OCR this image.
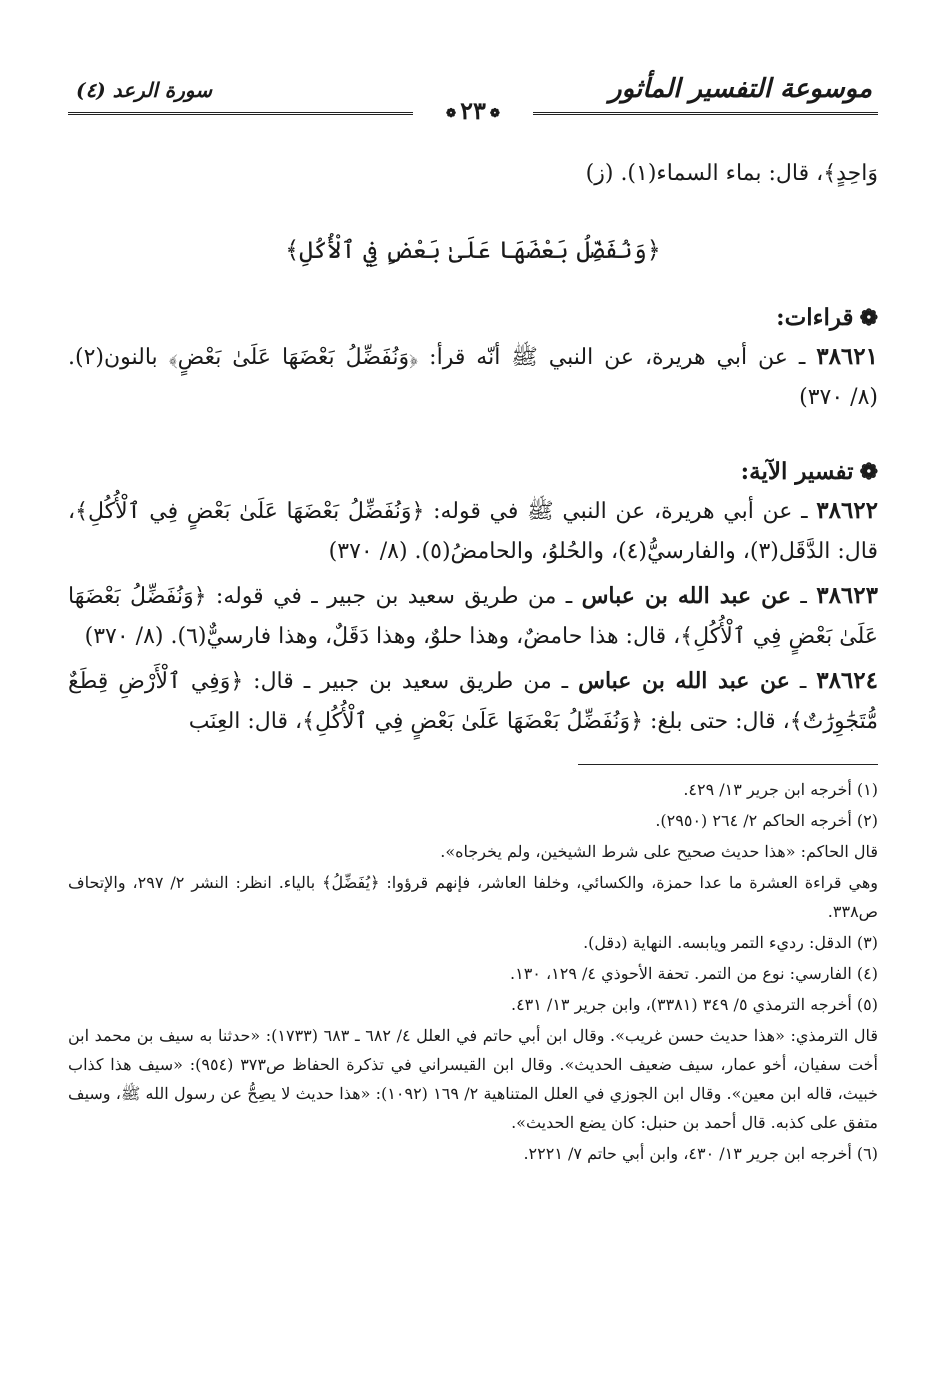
موسوعة التفسير المأثور
سورة الرعد (٤)
❁٢٣❁

وَاحِدٍ﴾، قال: بماء السماء(١). (ز)

﴿وَنُفَضِّلُ بَعْضَهَا عَلَىٰ بَعْضٍ فِي ٱلْأُكُلِ﴾
❁قراءات:

٣٨٦٢١ ـ عن أبي هريرة، عن النبي ﷺ أنّه قرأ: ﴿وَنُفَضِّلُ بَعْضَهَا عَلَىٰ بَعْضٍ﴾ بالنون(٢). (٨/ ٣٧٠)

❁تفسير الآية:

٣٨٦٢٢ ـ عن أبي هريرة، عن النبي ﷺ في قوله: ﴿وَنُفَضِّلُ بَعْضَهَا عَلَىٰ بَعْضٍ فِي ٱلْأُكُلِ﴾، قال: الدَّقَل(٣)، والفارسيُّ(٤)، والحُلوُ، والحامضُ(٥). (٨/ ٣٧٠)

٣٨٦٢٣ ـ عن عبد الله بن عباس ـ من طريق سعيد بن جبير ـ في قوله: ﴿وَنُفَضِّلُ بَعْضَهَا عَلَىٰ بَعْضٍ فِي ٱلْأُكُلِ﴾، قال: هذا حامضٌ، وهذا حلوٌ، وهذا دَقَلٌ، وهذا فارسيٌّ(٦). (٨/ ٣٧٠)

٣٨٦٢٤ ـ عن عبد الله بن عباس ـ من طريق سعيد بن جبير ـ قال: ﴿وَفِي ٱلْأَرْضِ قِطَعٌ مُّتَجَٰوِرَٰتٌ﴾، قال: حتى بلغ: ﴿وَنُفَضِّلُ بَعْضَهَا عَلَىٰ بَعْضٍ فِي ٱلْأُكُلِ﴾، قال: العِنَب

(١) أخرجه ابن جرير ١٣/ ٤٢٩.

(٢) أخرجه الحاكم ٢/ ٢٦٤ (٢٩٥٠).

قال الحاكم: «هذا حديث صحيح على شرط الشيخين، ولم يخرجاه».

وهي قراءة العشرة ما عدا حمزة، والكسائي، وخلفا العاشر، فإنهم قرؤوا: ﴿يُفَضِّلُ﴾ بالياء. انظر: النشر ٢/ ٢٩٧، والإتحاف ص٣٣٨.

(٣) الدقل: رديء التمر ويابسه. النهاية (دقل).

(٤) الفارسي: نوع من التمر. تحفة الأحوذي ٤/ ١٢٩، ١٣٠.

(٥) أخرجه الترمذي ٥/ ٣٤٩ (٣٣٨١)، وابن جرير ١٣/ ٤٣١.

قال الترمذي: «هذا حديث حسن غريب». وقال ابن أبي حاتم في العلل ٤/ ٦٨٢ ـ ٦٨٣ (١٧٣٣): «حدثنا به سيف بن محمد ابن أخت سفيان، أخو عمار، سيف ضعيف الحديث». وقال ابن القيسراني في تذكرة الحفاظ ص٣٧٣ (٩٥٤): «سيف هذا كذاب خبيث، قاله ابن معين». وقال ابن الجوزي في العلل المتناهية ٢/ ١٦٩ (١٠٩٢): «هذا حديث لا يصِحُّ عن رسول الله ﷺ، وسيف متفق على كذبه. قال أحمد بن حنبل: كان يضع الحديث».

(٦) أخرجه ابن جرير ١٣/ ٤٣٠، وابن أبي حاتم ٧/ ٢٢٢١.
